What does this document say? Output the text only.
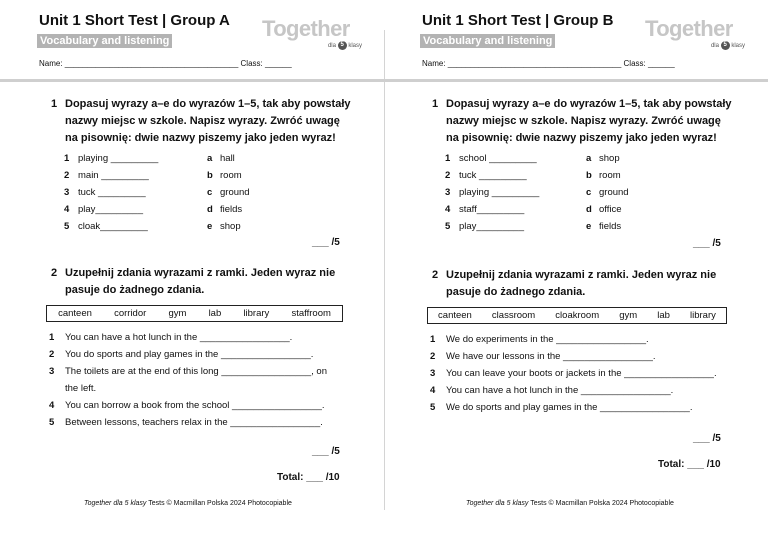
Unit 1 Short Test | Group A
Vocabulary and listening	Together
dla 5 klasy
Name: _______________________________________ Class: ______
1 Dopasuj wyrazy a–e do wyrazów 1–5, tak aby powstały nazwy miejsc w szkole. Napisz wyrazy. Zwróć uwagę na pisownię: dwie nazwy piszemy jako jeden wyraz!
1 playing _________	a hall
2 main _________	b room
3 tuck _________	c ground
4 play_________	d fields
5 cloak_________	e shop
___ /5
2 Uzupełnij zdania wyrazami z ramki. Jeden wyraz nie pasuje do żadnego zdania.
canteen corridor gym lab library staffroom
1 You can have a hot lunch in the _________________.
2 You do sports and play games in the _________________.
3 The toilets are at the end of this long _________________, on the left.
4 You can borrow a book from the school _________________.
5 Between lessons, teachers relax in the _________________.
___ /5
Total: ___ /10
Together dla 5 klasy Tests © Macmillan Polska 2024 Photocopiable
Unit 1 Short Test | Group B
Vocabulary and listening	Together
dla 5 klasy
Name: _______________________________________ Class: ______
1 Dopasuj wyrazy a–e do wyrazów 1–5, tak aby powstały nazwy miejsc w szkole. Napisz wyrazy. Zwróć uwagę na pisownię: dwie nazwy piszemy jako jeden wyraz!
1 school _________	a shop
2 tuck _________	b room
3 playing _________	c ground
4 staff_________	d office
5 play_________	e fields
___ /5
2 Uzupełnij zdania wyrazami z ramki. Jeden wyraz nie pasuje do żadnego zdania.
canteen classroom cloakroom gym lab library
1 We do experiments in the _________________.
2 We have our lessons in the _________________.
3 You can leave your boots or jackets in the _________________.
4 You can have a hot lunch in the _________________.
5 We do sports and play games in the _________________.
___ /5
Total: ___ /10
Together dla 5 klasy Tests © Macmillan Polska 2024 Photocopiable
